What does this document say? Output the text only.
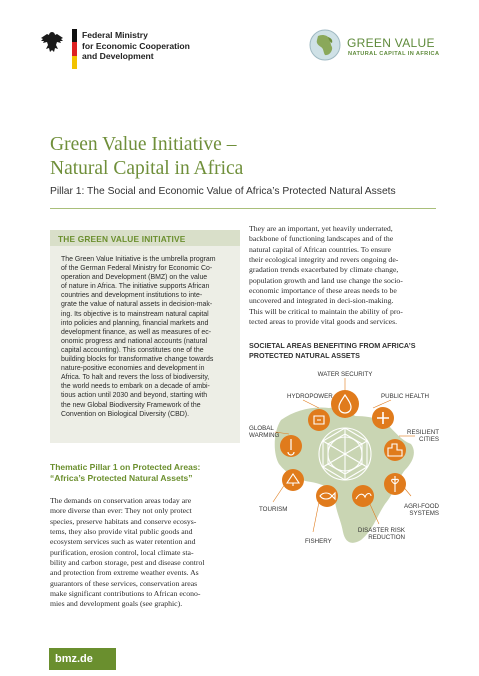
Federal Ministry
for Economic Cooperation
and Development
GREEN VALUE
NATURAL CAPITAL IN AFRICA
Green Value Initiative –
Natural Capital in Africa
Pillar 1: The Social and Economic Value of Africa’s Protected Natural Assets
THE GREEN VALUE INITIATIVE
The Green Value Initiative is the umbrella program
of the German Federal Ministry for Economic Co-
operation and Development (BMZ) on the value
of nature in Africa. The initiative supports African
countries and development institutions to inte-
grate the value of natural assets in decision-mak-
ing. Its objective is to mainstream natural capital
into policies and planning, financial markets and
development finance, as well as measures of ec-
onomic progress and national accounts (natural
capital accounting). This constitutes one of the
building blocks for transformative change towards
nature-positive economies and development in
Africa. To halt and revers the loss of biodiversity,
the world needs to embark on a decade of ambi-
tious action until 2030 and beyond, starting with
the new Global Biodiversity Framework of the
Convention on Biological Diversity (CBD).
Thematic Pillar 1 on Protected Areas:
“Africa’s Protected Natural Assets”
The demands on conservation areas today are
more diverse than ever: They not only protect
species, preserve habitats and conserve ecosys-
tems, they also provide vital public goods and
ecosystem services such as water retention and
purification, erosion control, local climate sta-
bility and carbon storage, pest and disease control
and protection from extreme weather events. As
guarantors of these services, conservation areas
make significant contributions to African econo-
mies and development goals (see graphic).
They are an important, yet heavily underrated,
backbone of functioning landscapes and of the
natural capital of African countries. To ensure
their ecological integrity and revers ongoing de-
gradation trends exacerbated by climate change,
population growth and land use change the socio-
economic importance of these areas needs to be
uncovered and integrated in deci-sion-making.
This will be critical to maintain the ability of pro-
tected areas to provide vital goods and services.
SOCIETAL AREAS BENEFITING FROM AFRICA’S
PROTECTED NATURAL ASSETS
WATER SECURITY
HYDROPOWER	PUBLIC HEALTH
GLOBAL
WARMING	RESILIENT
CITIES
TOURISM	AGRI-FOOD
SYSTEMS
FISHERY
DISASTER RISK
REDUCTION
bmz.de
